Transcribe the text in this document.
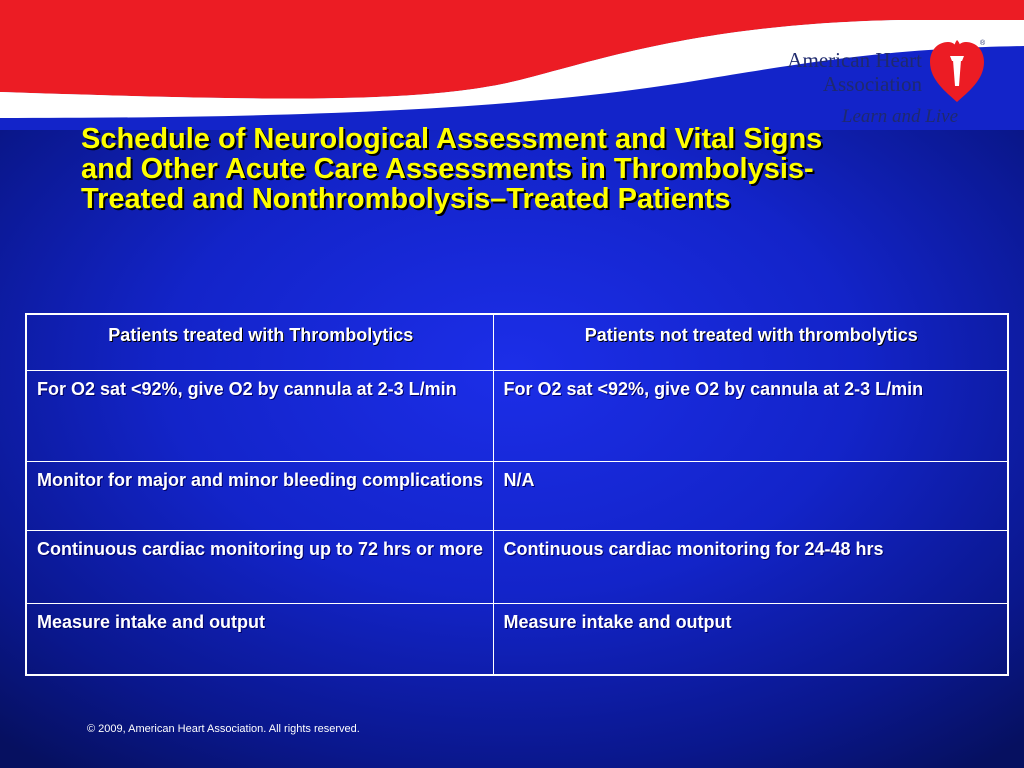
American Heart
Association
Learn and Live
®
Schedule of Neurological Assessment and Vital Signs and Other Acute Care Assessments in Thrombolysis-Treated and Nonthrombolysis–Treated Patients
Patients treated with Thrombolytics	Patients not treated with thrombolytics
For O2 sat <92%, give O2 by cannula at 2-3 L/min	For O2 sat <92%, give O2 by cannula at 2-3 L/min
Monitor for major and minor bleeding complications	N/A
Continuous cardiac monitoring up to 72 hrs or more	Continuous cardiac monitoring for 24-48 hrs
Measure intake and output	Measure intake and output
© 2009, American Heart Association. All rights reserved.
